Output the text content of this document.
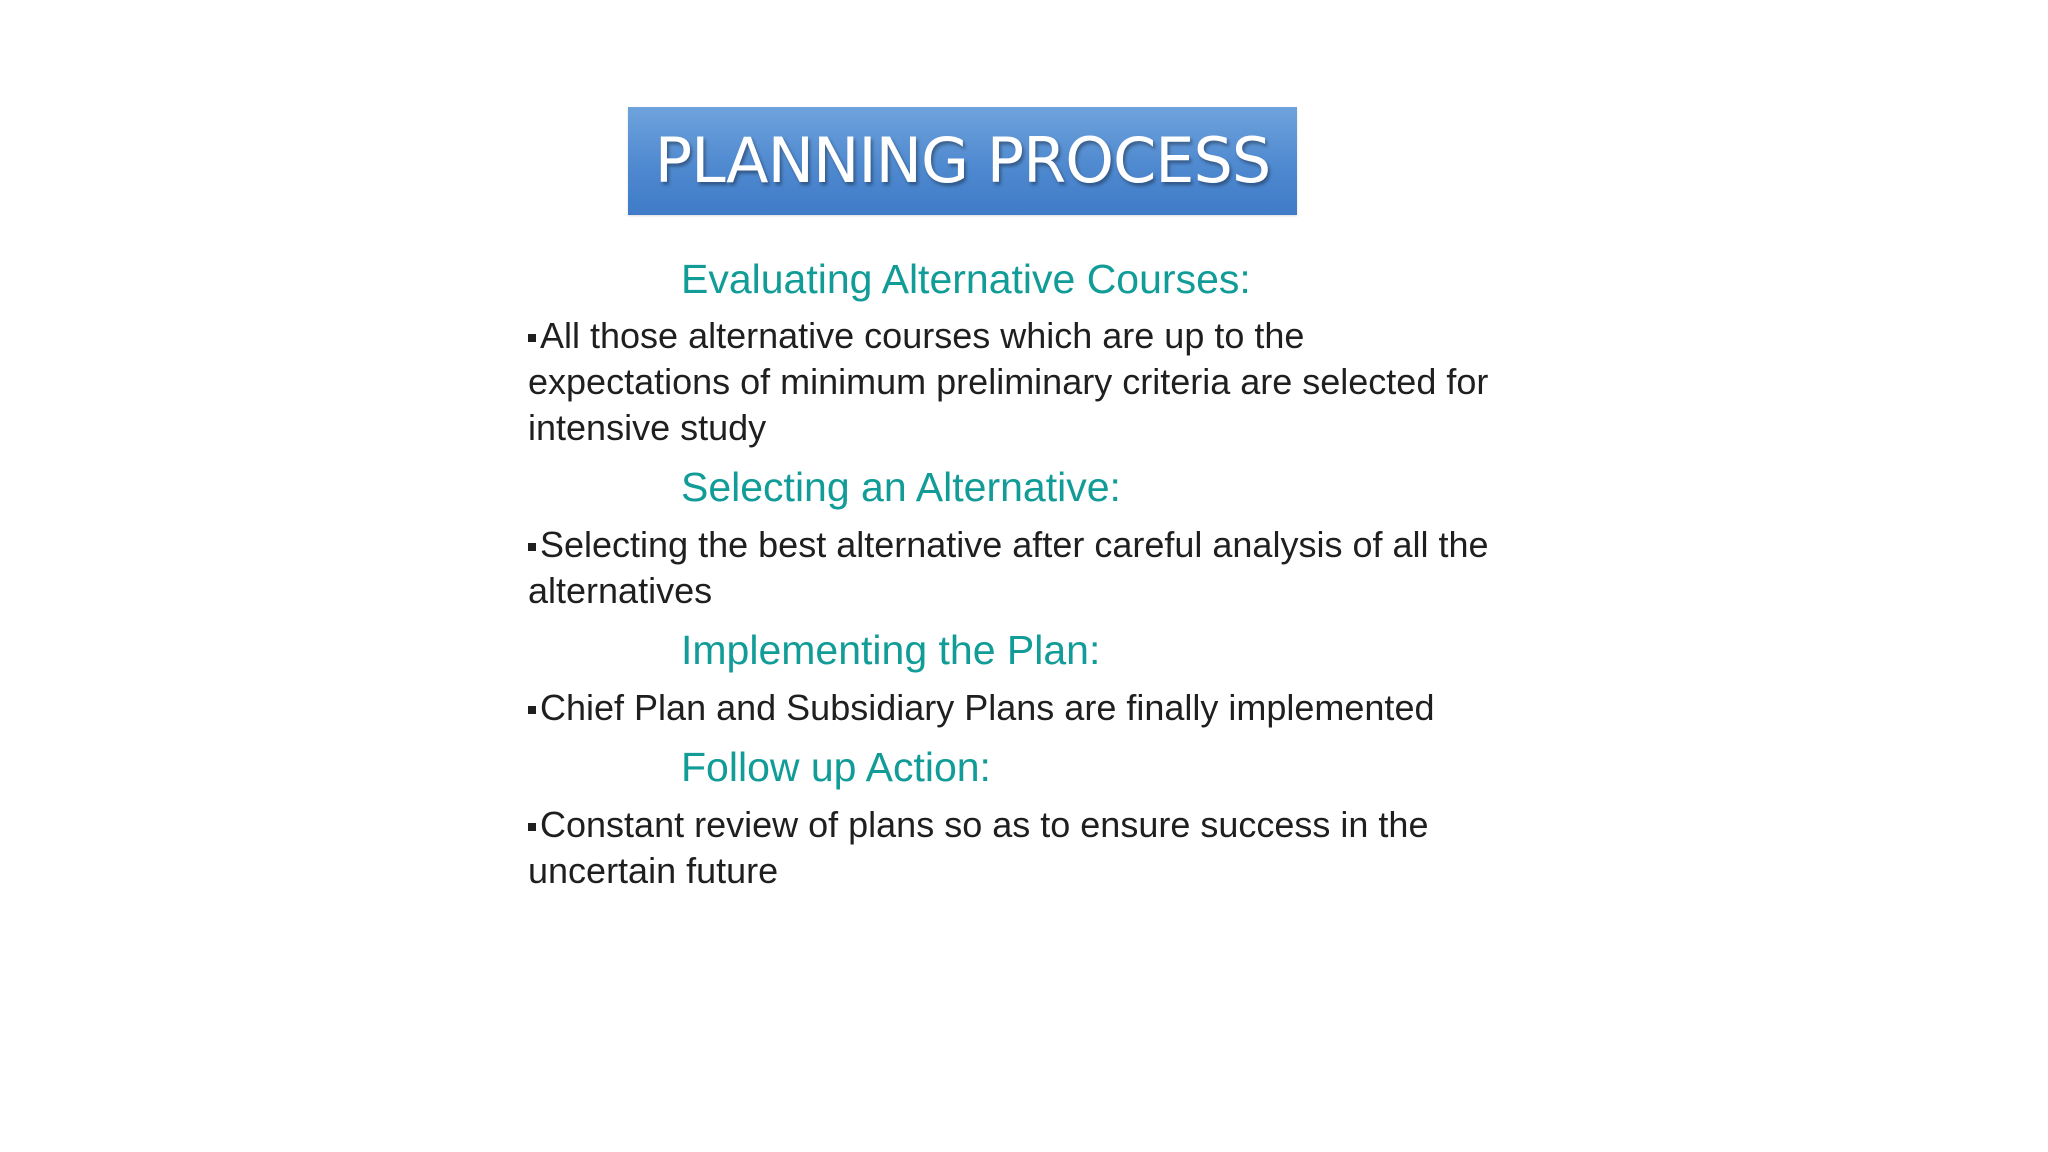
PLANNING PROCESS
Evaluating Alternative Courses:
All those alternative courses which are up to the expectations of minimum preliminary criteria are selected for intensive study
Selecting an Alternative:
Selecting the best alternative after careful analysis of all the alternatives
Implementing the Plan:
Chief Plan and Subsidiary Plans are finally implemented
Follow up Action:
Constant review of plans so as to ensure success in the uncertain future
